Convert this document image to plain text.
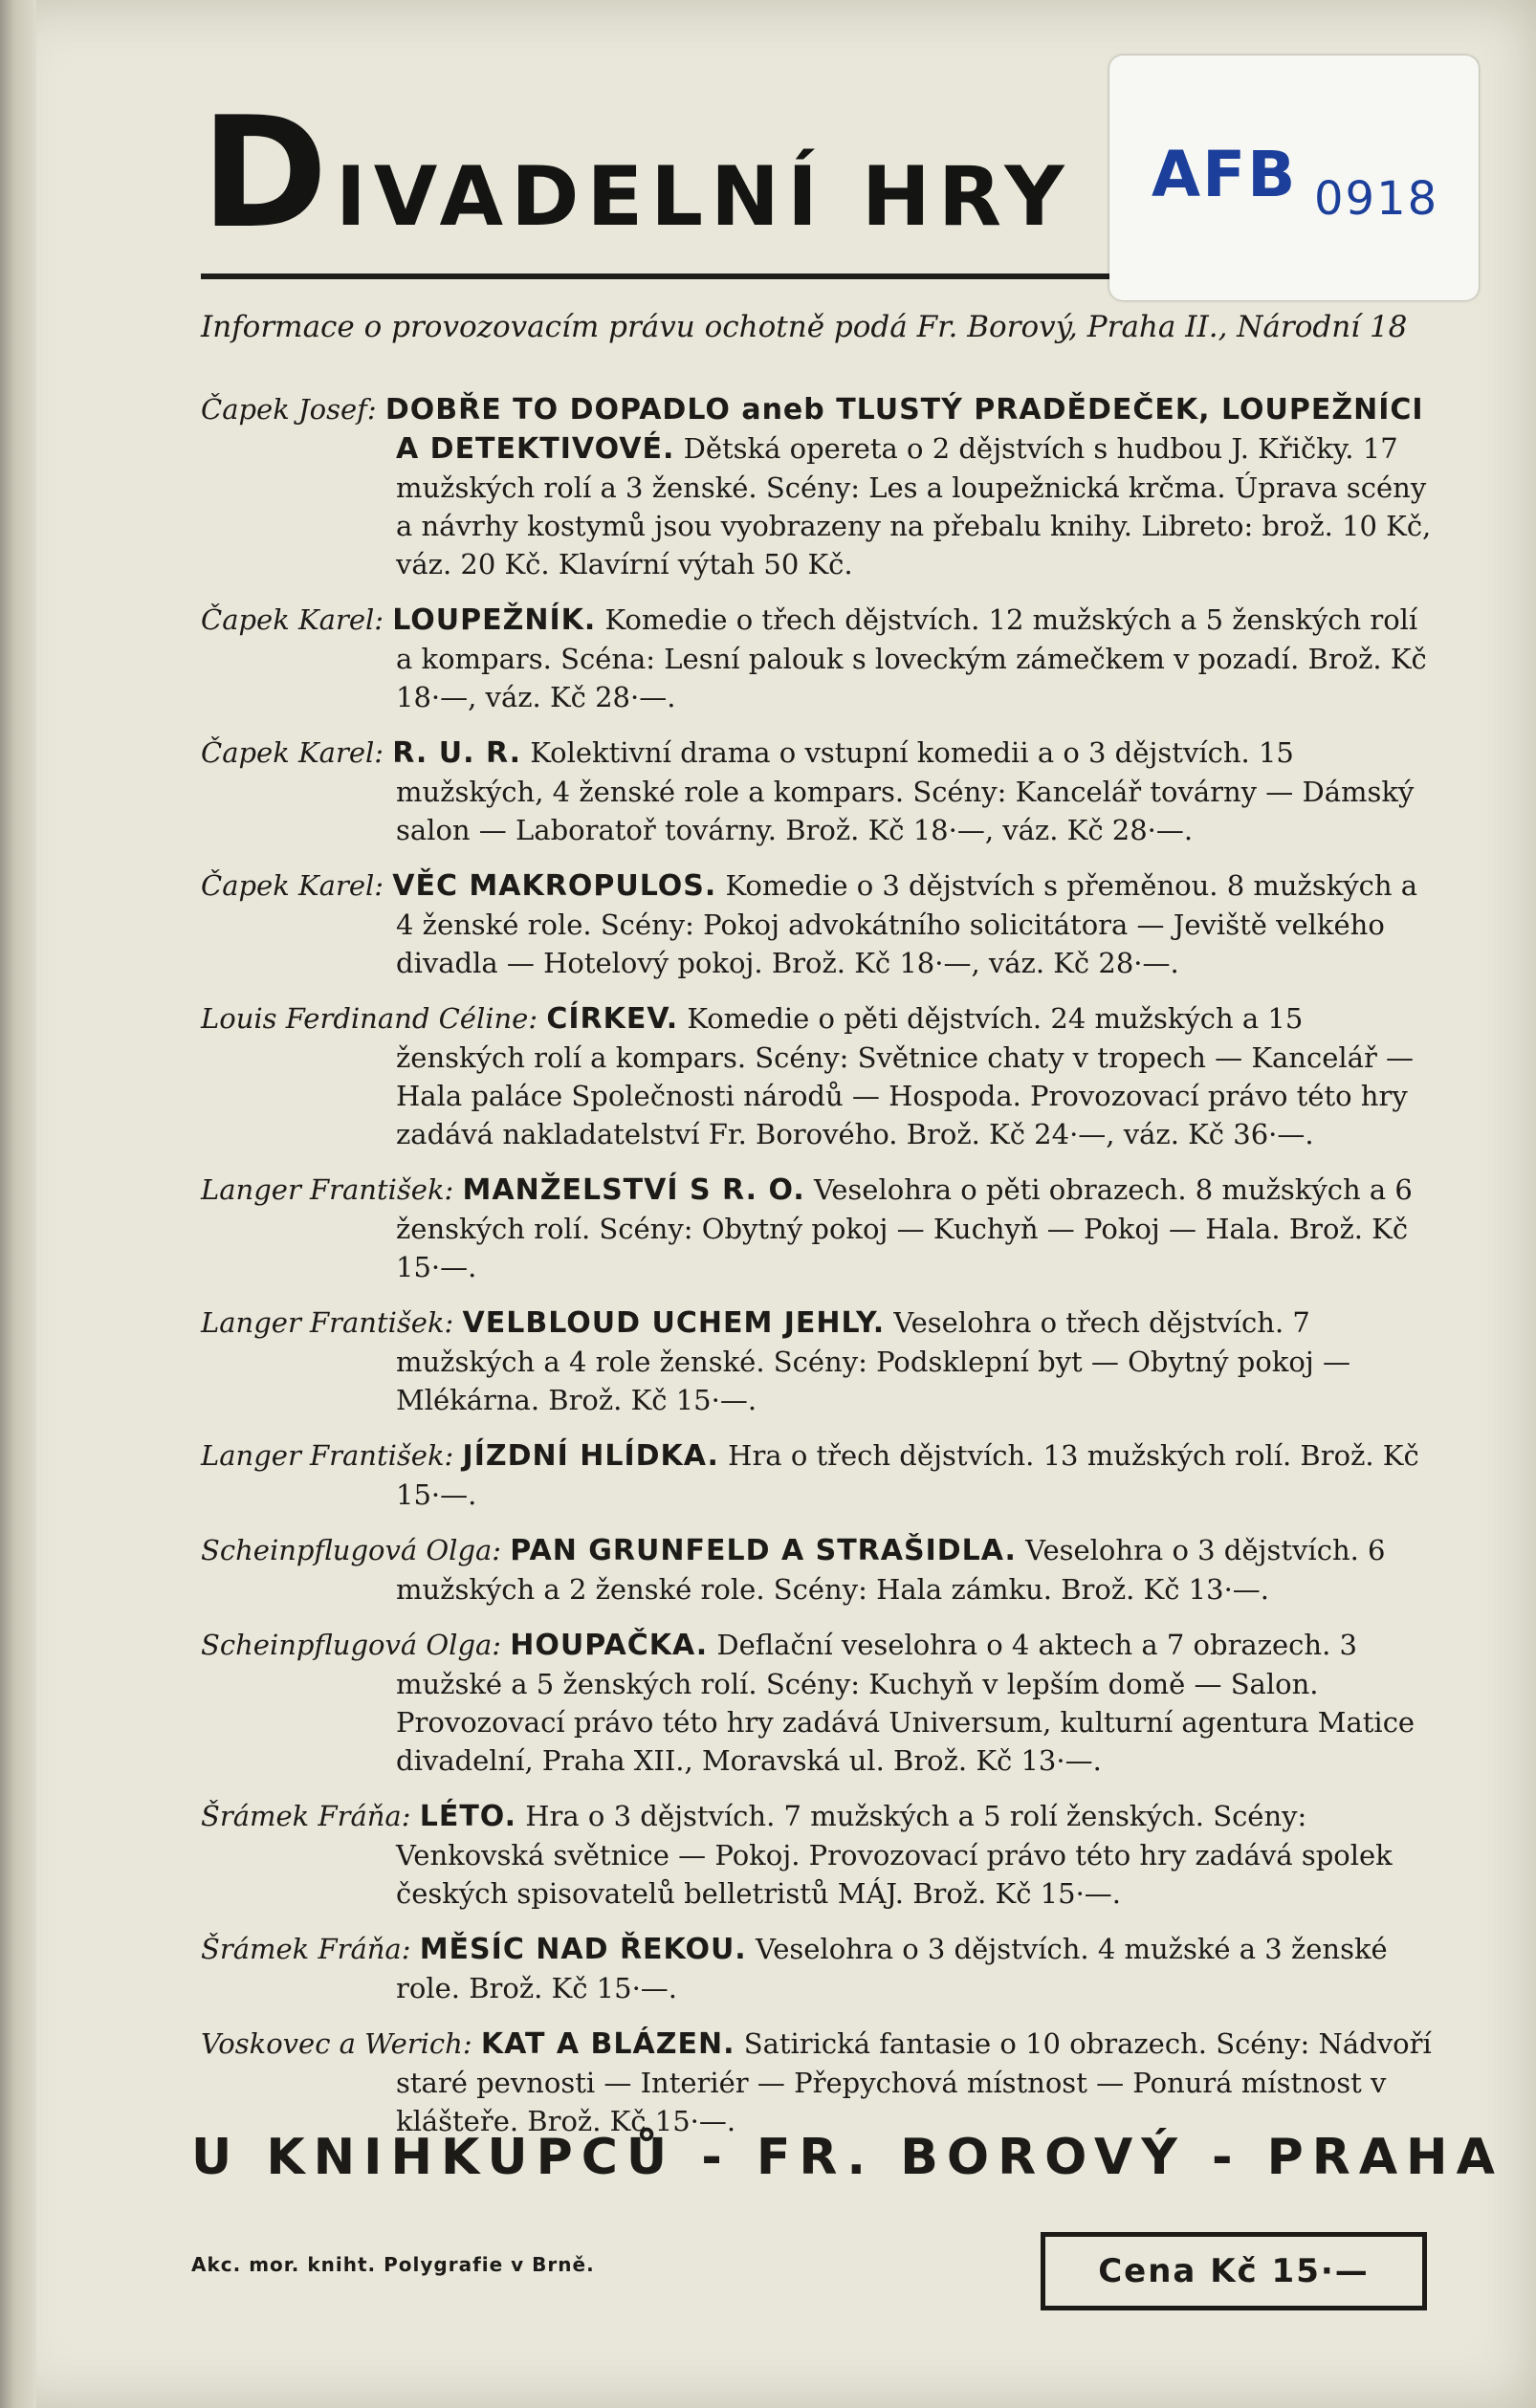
DIVADELNÍ HRY AFB 0918
Informace o provozovacím právu ochotně podá Fr. Borový, Praha II., Národní 18
Čapek Josef: DOBŘE TO DOPADLO aneb TLUSTÝ PRADĚDEČEK, LOUPEŽNÍCI A DETEKTIVOVÉ. Dětská opereta o 2 dějstvích s hudbou J. Křičky. 17 mužských rolí a 3 ženské. Scény: Les a loupežnická krčma. Úprava scény a návrhy kostymů jsou vyobrazeny na přebalu knihy. Libreto: brož. 10 Kč, váz. 20 Kč. Klavírní výtah 50 Kč.
Čapek Karel: LOUPEŽNÍK. Komedie o třech dějstvích. 12 mužských a 5 ženských rolí a kompars. Scéna: Lesní palouk s loveckým zámečkem v pozadí. Brož. Kč 18·—, váz. Kč 28·—.
Čapek Karel: R. U. R. Kolektivní drama o vstupní komedii a o 3 dějstvích. 15 mužských, 4 ženské role a kompars. Scény: Kancelář továrny — Dámský salon — Laboratoř továrny. Brož. Kč 18·—, váz. Kč 28·—.
Čapek Karel: VĚC MAKROPULOS. Komedie o 3 dějstvích s přeměnou. 8 mužských a 4 ženské role. Scény: Pokoj advokátního solicitátora — Jeviště velkého divadla — Hotelový pokoj. Brož. Kč 18·—, váz. Kč 28·—.
Louis Ferdinand Céline: CÍRKEV. Komedie o pěti dějstvích. 24 mužských a 15 ženských rolí a kompars. Scény: Světnice chaty v tropech — Kancelář — Hala paláce Společnosti národů — Hospoda. Provozovací právo této hry zadává nakladatelství Fr. Borového. Brož. Kč 24·—, váz. Kč 36·—.
Langer František: MANŽELSTVÍ S R. O. Veselohra o pěti obrazech. 8 mužských a 6 ženských rolí. Scény: Obytný pokoj — Kuchyň — Pokoj — Hala. Brož. Kč 15·—.
Langer František: VELBLOUD UCHEM JEHLY. Veselohra o třech dějstvích. 7 mužských a 4 role ženské. Scény: Podsklepní byt — Obytný pokoj — Mlékárna. Brož. Kč 15·—.
Langer František: JÍZDNÍ HLÍDKA. Hra o třech dějstvích. 13 mužských rolí. Brož. Kč 15·—.
Scheinpflugová Olga: PAN GRUNFELD A STRAŠIDLA. Veselohra o 3 dějstvích. 6 mužských a 2 ženské role. Scény: Hala zámku. Brož. Kč 13·—.
Scheinpflugová Olga: HOUPAČKA. Deflační veselohra o 4 aktech a 7 obrazech. 3 mužské a 5 ženských rolí. Scény: Kuchyň v lepším domě — Salon. Provozovací právo této hry zadává Universum, kulturní agentura Matice divadelní, Praha XII., Moravská ul. Brož. Kč 13·—.
Šrámek Fráňa: LÉTO. Hra o 3 dějstvích. 7 mužských a 5 rolí ženských. Scény: Venkovská světnice — Pokoj. Provozovací právo této hry zadává spolek českých spisovatelů belletristů MÁJ. Brož. Kč 15·—.
Šrámek Fráňa: MĚSÍC NAD ŘEKOU. Veselohra o 3 dějstvích. 4 mužské a 3 ženské role. Brož. Kč 15·—.
Voskovec a Werich: KAT A BLÁZEN. Satirická fantasie o 10 obrazech. Scény: Nádvoří staré pevnosti — Interiér — Přepychová místnost — Ponurá místnost v klášteře. Brož. Kč 15·—.
U KNIHKUPCŮ - FR. BOROVÝ - PRAHA
Akc. mor. kniht. Polygrafie v Brně.	Cena Kč 15·—
